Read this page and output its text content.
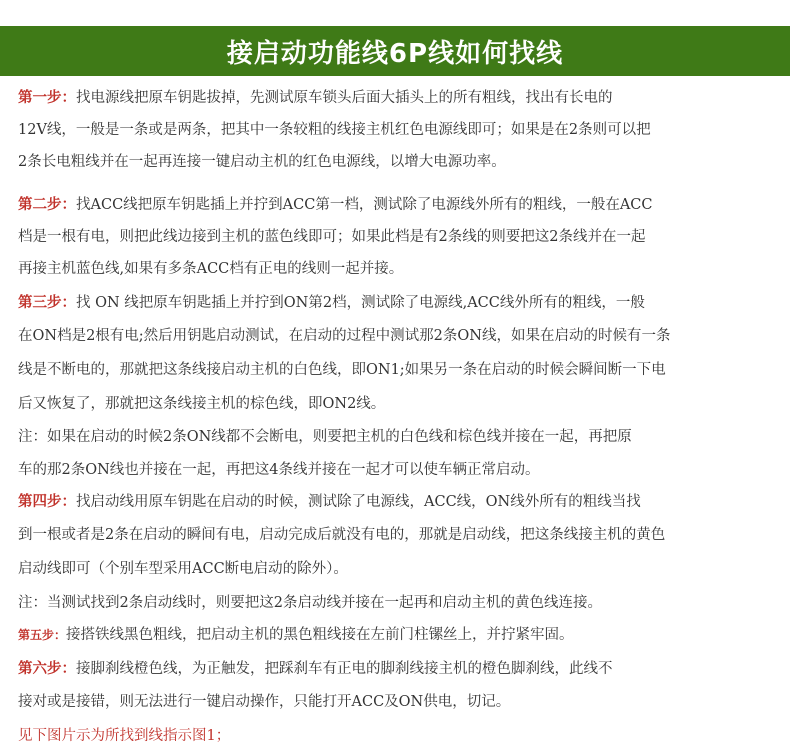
接启动功能线6P线如何找线
第一步：找电源线把原车钥匙拔掉，先测试原车锁头后面大插头上的所有粗线，找出有长电的
12V线，一般是一条或是两条，把其中一条较粗的线接主机红色电源线即可；如果是在2条则可以把
2条长电粗线并在一起再连接一键启动主机的红色电源线，以增大电源功率。
第二步：找ACC线把原车钥匙插上并拧到ACC第一档，测试除了电源线外所有的粗线，一般在ACC
档是一根有电，则把此线边接到主机的蓝色线即可；如果此档是有2条线的则要把这2条线并在一起
再接主机蓝色线,如果有多条ACC档有正电的线则一起并接。
第三步：找 ON 线把原车钥匙插上并拧到ON第2档，测试除了电源线,ACC线外所有的粗线，一般
在ON档是2根有电;然后用钥匙启动测试，在启动的过程中测试那2条ON线，如果在启动的时候有一条
线是不断电的，那就把这条线接启动主机的白色线，即ON1;如果另一条在启动的时候会瞬间断一下电
后又恢复了，那就把这条线接主机的棕色线，即ON2线。
注：如果在启动的时候2条ON线都不会断电，则要把主机的白色线和棕色线并接在一起，再把原
车的那2条ON线也并接在一起，再把这4条线并接在一起才可以使车辆正常启动。
第四步：找启动线用原车钥匙在启动的时候，测试除了电源线，ACC线，ON线外所有的粗线当找
到一根或者是2条在启动的瞬间有电，启动完成后就没有电的，那就是启动线，把这条线接主机的黄色
启动线即可（个别车型采用ACC断电启动的除外）。
注：当测试找到2条启动线时，则要把这2条启动线并接在一起再和启动主机的黄色线连接。
第五步：接搭铁线黑色粗线，把启动主机的黑色粗线接在左前门柱镙丝上，并拧紧牢固。
第六步：接脚刹线橙色线，为正触发，把踩刹车有正电的脚刹线接主机的橙色脚刹线，此线不
接对或是接错，则无法进行一键启动操作，只能打开ACC及ON供电，切记。
见下图片示为所找到线指示图1；
